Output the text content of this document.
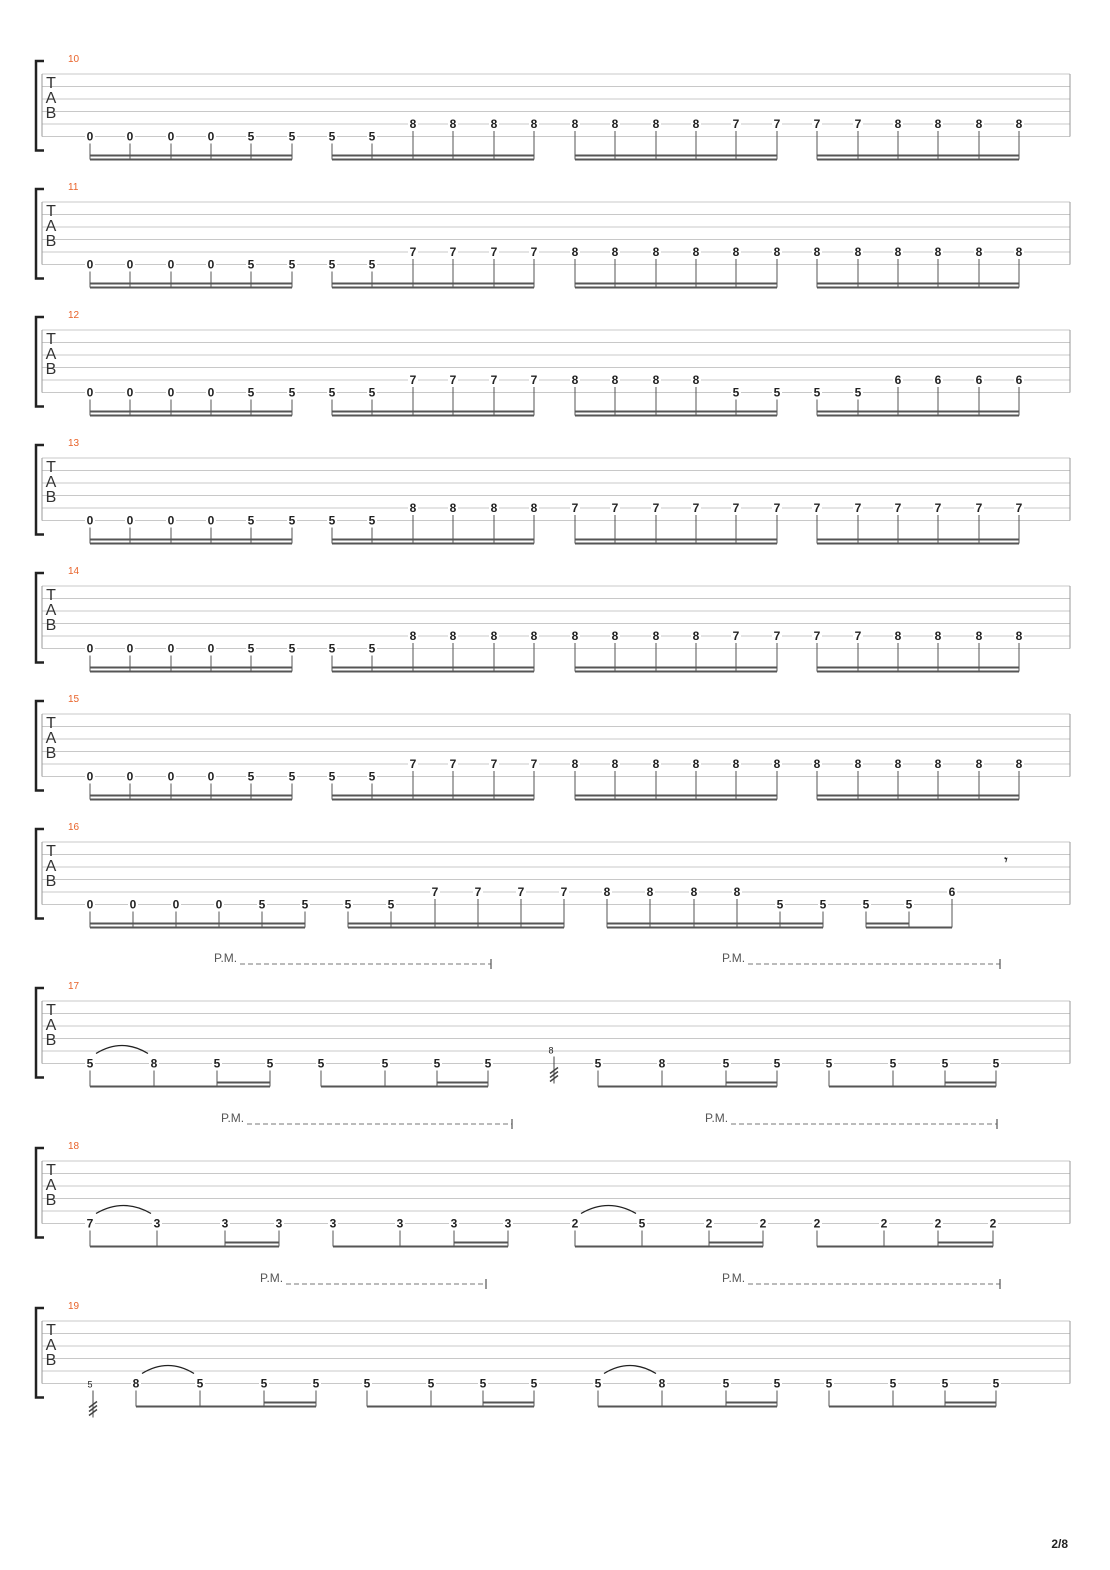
T
A
B
10
0	0	0	0	5	5	5	5
8	8	8	8	8	8	8	8	7	7	7	7	8	8	8	8
T
A
B
11
0	0	0	0	5	5	5	5
7	7	7	7	8	8	8	8	8	8	8	8	8	8	8	8
T
A
B
12
0	0	0	0	5	5	5	5
7	7	7	7	8	8	8	8
5	5	5	5
6	6	6	6
T
A
B
13
0	0	0	0	5	5	5	5
8	8	8	8	7	7	7	7	7	7	7	7	7	7	7	7
T
A
B
14
0	0	0	0	5	5	5	5
8	8	8	8	8	8	8	8	7	7	7	7	8	8	8	8
T
A
B
15
0	0	0	0	5	5	5	5
7	7	7	7	8	8	8	8	8	8	8	8	8	8	8	8
T
A
B
16
0	0	0	0	5	5	5	5
7	7	7	7	8	8	8	8
5	5	5	5
6
𝄾
T
A
B
17
5	8	5	5	5	5	5	5	5	8	5	5	5	5	5	5
8
P.M.	P.M.
T
A
B
18
7	3	3	3	3	3	3	3	2	5	2	2	2	2	2	2
P.M.	P.M.
T
A
B
19
8	5	5	5	5	5	5	5	5	8	5	5	5	5	5	5
5
P.M.	P.M.
2/8
